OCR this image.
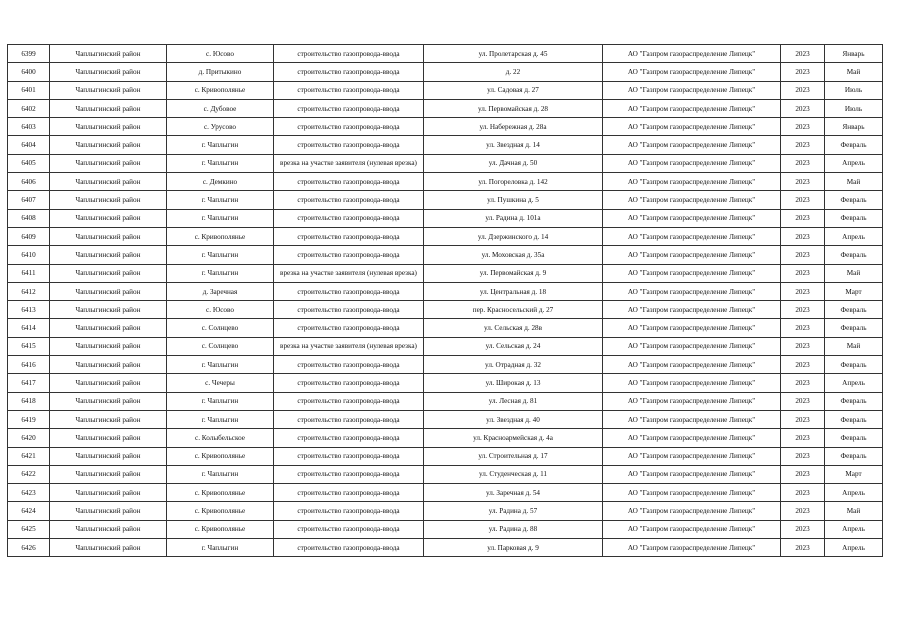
6399	Чаплыгинский район	с. Юсово	строительство газопровода-ввода	ул. Пролетарская д. 45	АО "Газпром газораспределение Липецк"	2023	Январь
6400	Чаплыгинский район	д. Притыкино	строительство газопровода-ввода	д. 22	АО "Газпром газораспределение Липецк"	2023	Май
6401	Чаплыгинский район	с. Кривополянье	строительство газопровода-ввода	ул. Садовая д. 27	АО "Газпром газораспределение Липецк"	2023	Июль
6402	Чаплыгинский район	с. Дубовое	строительство газопровода-ввода	ул. Первомайская д. 28	АО "Газпром газораспределение Липецк"	2023	Июль
6403	Чаплыгинский район	с. Урусово	строительство газопровода-ввода	ул. Набережная д. 28а	АО "Газпром газораспределение Липецк"	2023	Январь
6404	Чаплыгинский район	г. Чаплыгин	строительство газопровода-ввода	ул. Звездная д. 14	АО "Газпром газораспределение Липецк"	2023	Февраль
6405	Чаплыгинский район	г. Чаплыгин	врезка на участке заявителя (нулевая врезка)	ул. Дачная д. 50	АО "Газпром газораспределение Липецк"	2023	Апрель
6406	Чаплыгинский район	с. Демкино	строительство газопровода-ввода	ул. Погореловка д. 142	АО "Газпром газораспределение Липецк"	2023	Май
6407	Чаплыгинский район	г. Чаплыгин	строительство газопровода-ввода	ул. Пушкина д. 5	АО "Газпром газораспределение Липецк"	2023	Февраль
6408	Чаплыгинский район	г. Чаплыгин	строительство газопровода-ввода	ул. Радина д. 101а	АО "Газпром газораспределение Липецк"	2023	Февраль
6409	Чаплыгинский район	с. Кривополянье	строительство газопровода-ввода	ул. Дзержинского д. 14	АО "Газпром газораспределение Липецк"	2023	Апрель
6410	Чаплыгинский район	г. Чаплыгин	строительство газопровода-ввода	ул. Моховская д. 35а	АО "Газпром газораспределение Липецк"	2023	Февраль
6411	Чаплыгинский район	г. Чаплыгин	врезка на участке заявителя (нулевая врезка)	ул. Первомайская д. 9	АО "Газпром газораспределение Липецк"	2023	Май
6412	Чаплыгинский район	д. Заречная	строительство газопровода-ввода	ул. Центральная д. 18	АО "Газпром газораспределение Липецк"	2023	Март
6413	Чаплыгинский район	с. Юсово	строительство газопровода-ввода	пер. Красносельский д. 27	АО "Газпром газораспределение Липецк"	2023	Февраль
6414	Чаплыгинский район	с. Солнцево	строительство газопровода-ввода	ул. Сельская д. 28в	АО "Газпром газораспределение Липецк"	2023	Февраль
6415	Чаплыгинский район	с. Солнцево	врезка на участке заявителя (нулевая врезка)	ул. Сельская д. 24	АО "Газпром газораспределение Липецк"	2023	Май
6416	Чаплыгинский район	г. Чаплыгин	строительство газопровода-ввода	ул. Отрадная д. 32	АО "Газпром газораспределение Липецк"	2023	Февраль
6417	Чаплыгинский район	с. Чечеры	строительство газопровода-ввода	ул. Широкая д. 13	АО "Газпром газораспределение Липецк"	2023	Апрель
6418	Чаплыгинский район	г. Чаплыгин	строительство газопровода-ввода	ул. Лесная д. 81	АО "Газпром газораспределение Липецк"	2023	Февраль
6419	Чаплыгинский район	г. Чаплыгин	строительство газопровода-ввода	ул. Звездная д. 40	АО "Газпром газораспределение Липецк"	2023	Февраль
6420	Чаплыгинский район	с. Колыбельское	строительство газопровода-ввода	ул. Красноармейская д. 4а	АО "Газпром газораспределение Липецк"	2023	Февраль
6421	Чаплыгинский район	с. Кривополянье	строительство газопровода-ввода	ул. Строительная д. 17	АО "Газпром газораспределение Липецк"	2023	Февраль
6422	Чаплыгинский район	г. Чаплыгин	строительство газопровода-ввода	ул. Студенческая д. 11	АО "Газпром газораспределение Липецк"	2023	Март
6423	Чаплыгинский район	с. Кривополянье	строительство газопровода-ввода	ул. Заречная д. 54	АО "Газпром газораспределение Липецк"	2023	Апрель
6424	Чаплыгинский район	с. Кривополянье	строительство газопровода-ввода	ул. Радина д. 57	АО "Газпром газораспределение Липецк"	2023	Май
6425	Чаплыгинский район	с. Кривополянье	строительство газопровода-ввода	ул. Радина д. 88	АО "Газпром газораспределение Липецк"	2023	Апрель
6426	Чаплыгинский район	г. Чаплыгин	строительство газопровода-ввода	ул. Парковая д. 9	АО "Газпром газораспределение Липецк"	2023	Апрель
